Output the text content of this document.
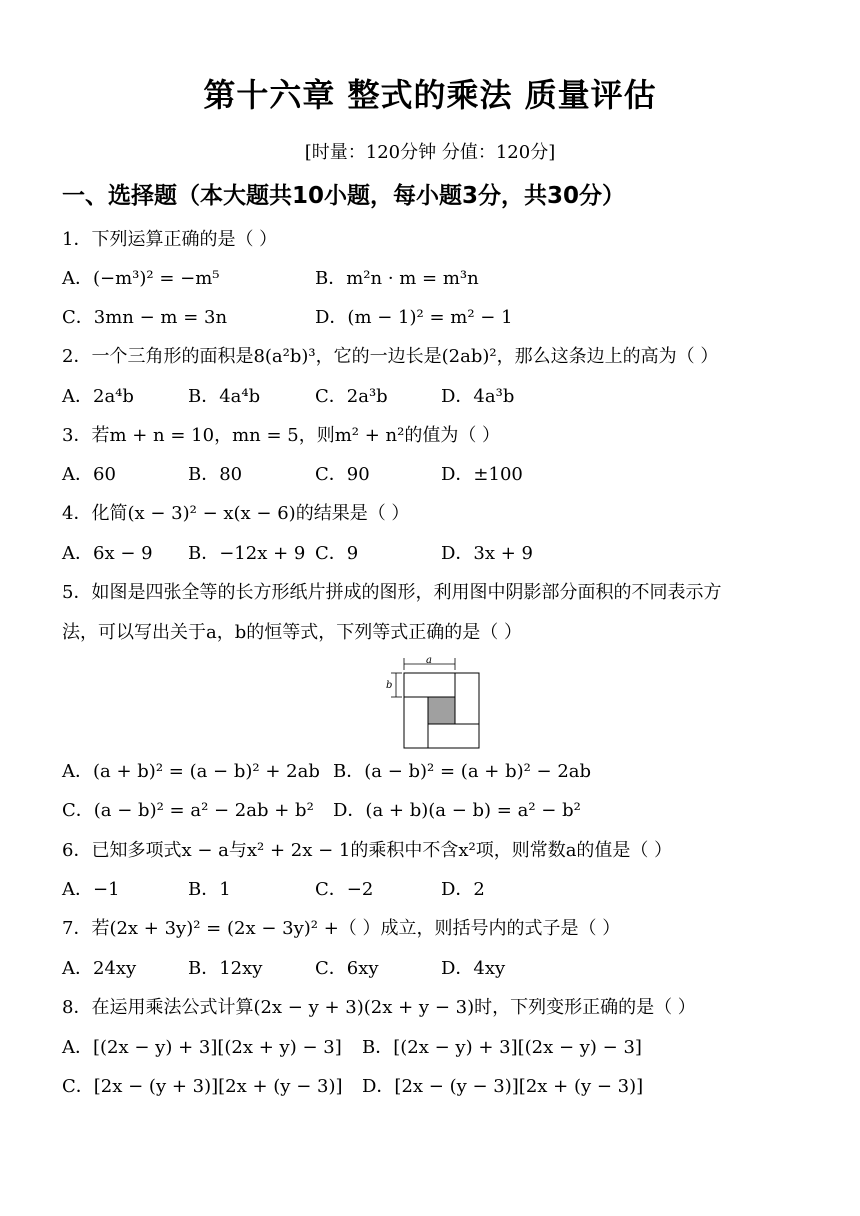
第十六章 整式的乘法 质量评估
[时量：120分钟 分值：120分]
一、选择题（本大题共10小题，每小题3分，共30分）
1．下列运算正确的是（ ）
A．(−m³)² = −m⁵	B．m²n · m = m³n
C．3mn − m = 3n	D．(m − 1)² = m² − 1
2．一个三角形的面积是8(a²b)³，它的一边长是(2ab)²，那么这条边上的高为（ ）
A．2a⁴b	B．4a⁴b	C．2a³b	D．4a³b
3．若m + n = 10，mn = 5，则m² + n²的值为（ ）
A．60	B．80	C．90	D．±100
4．化简(x − 3)² − x(x − 6)的结果是（ ）
A．6x − 9 B．−12x + 9 C．9	D．3x + 9
5．如图是四张全等的长方形纸片拼成的图形，利用图中阴影部分面积的不同表示方
法，可以写出关于a，b的恒等式，下列等式正确的是（ ）
a
b
A．(a + b)² = (a − b)² + 2ab B．(a − b)² = (a + b)² − 2ab
C．(a − b)² = a² − 2ab + b² D．(a + b)(a − b) = a² − b²
6．已知多项式x − a与x² + 2x − 1的乘积中不含x²项，则常数a的值是（ ）
A．−1	B．1	C．−2	D．2
7．若(2x + 3y)² = (2x − 3y)² +（ ）成立，则括号内的式子是（ ）
A．24xy	B．12xy	C．6xy	D．4xy
8．在运用乘法公式计算(2x − y + 3)(2x + y − 3)时，下列变形正确的是（ ）
A．[(2x − y) + 3][(2x + y) − 3] B．[(2x − y) + 3][(2x − y) − 3]
C．[2x − (y + 3)][2x + (y − 3)] D．[2x − (y − 3)][2x + (y − 3)]
